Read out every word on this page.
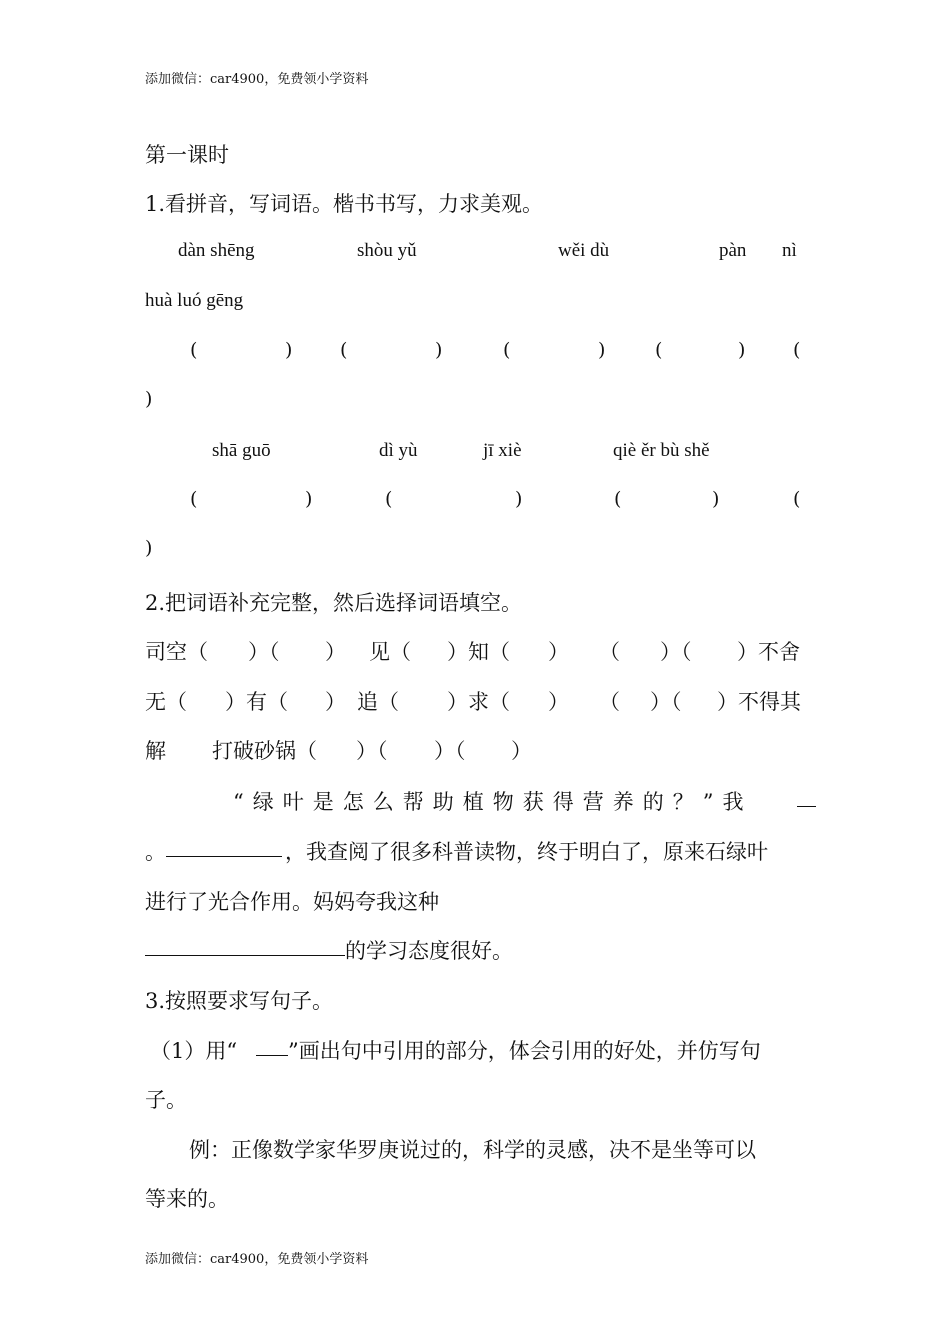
添加微信：car4900，免费领小学资料
第一课时
1.看拼音，写词语。楷书书写，力求美观。
dàn shēng	shòu yǔ	wěi dù	pàn nì
huà luó gēng
(	)	(	)	(	)	(	)	(
)
shā guō	dì yù	jī xiè	qiè ěr bù shě
(	)	(	)	(	)	(
)
2.把词语补充完整，然后选择词语填空。
司空（ ）（ ） 见（ ）知（ ） （ ）（ ）不舍
无（ ）有（ ） 追（ ）求（ ） （ ）（ ）不得其
解 打破砂锅（ ）（ ）（ ）
“绿叶是怎么帮助植物获得营养的？”我
。	，我查阅了很多科普读物，终于明白了，原来石绿叶
进行了光合作用。妈妈夸我这种
的学习态度很好。
3.按照要求写句子。
（1）用“ ”画出句中引用的部分，体会引用的好处，并仿写句
子。
例：正像数学家华罗庚说过的，科学的灵感，决不是坐等可以
等来的。
添加微信：car4900，免费领小学资料
